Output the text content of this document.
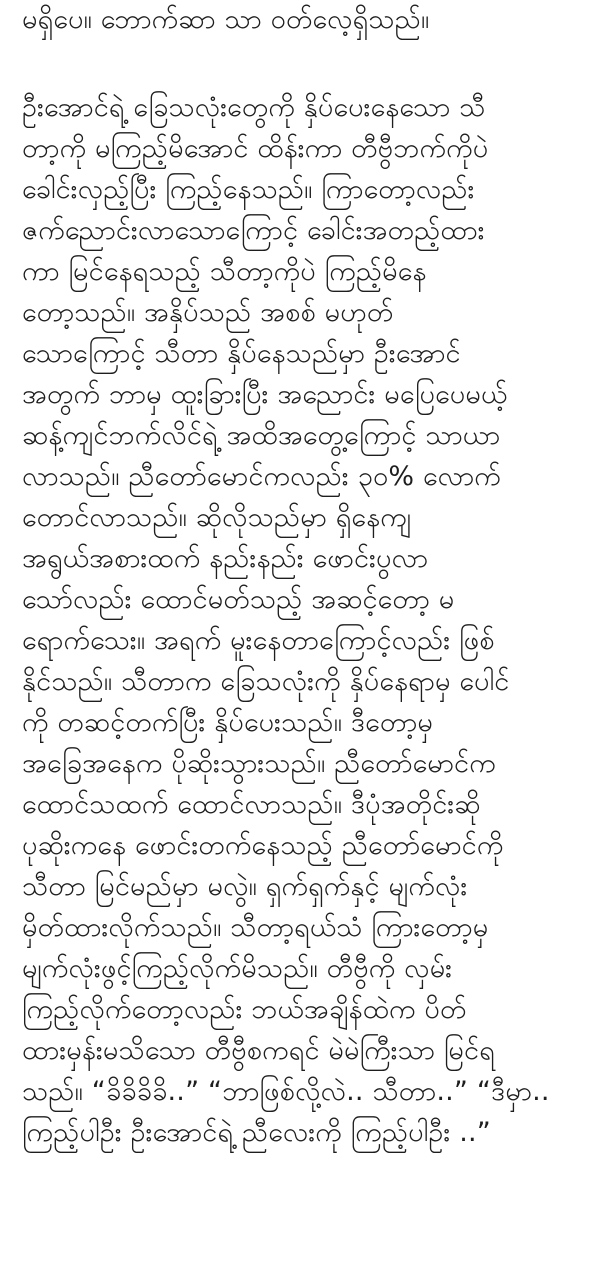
မရှိပေ။ ဘောက်ဆာ သာ ဝတ်လေ့ရှိသည်။
ဦးအောင်ရဲ့ ခြေသလုံးတွေကို နှိပ်ပေးနေသော သီ
တာ့ကို မကြည့်မိအောင် ထိန်းကာ တီဗွီဘက်ကိုပဲ
ခေါင်းလှည့်ပြီး ကြည့်နေသည်။ ကြာတော့လည်း
ဇက်ညောင်းလာသောကြောင့် ခေါင်းအတည့်ထား
ကာ မြင်နေရသည့် သီတာ့ကိုပဲ ကြည့်မိနေ
တော့သည်။ အနှိပ်သည် အစစ် မဟုတ်
သောကြောင့် သီတာ နှိပ်နေသည်မှာ ဦးအောင်
အတွက် ဘာမှ ထူးခြားပြီး အညောင်း မပြေပေမယ့်
ဆန့်ကျင်ဘက်လိင်ရဲ့ အထိအတွေ့ကြောင့် သာယာ
လာသည်။ ညီတော်မောင်ကလည်း ၃၀% လောက်
တောင်လာသည်။ ဆိုလိုသည်မှာ ရှိနေကျ
အရွယ်အစားထက် နည်းနည်း ဖောင်းပွလာ
သော်လည်း ထောင်မတ်သည့် အဆင့်တော့ မ
ရောက်သေး။ အရက် မူးနေတာကြောင့်လည်း ဖြစ်
နိုင်သည်။ သီတာက ခြေသလုံးကို နှိပ်နေရာမှ ပေါင်
ကို တဆင့်တက်ပြီး နှိပ်ပေးသည်။ ဒီတော့မှ
အခြေအနေက ပိုဆိုးသွားသည်။ ညီတော်မောင်က
ထောင်သထက် ထောင်လာသည်။ ဒီပုံအတိုင်းဆို
ပုဆိုးကနေ ဖောင်းတက်နေသည့် ညီတော်မောင်ကို
သီတာ မြင်မည်မှာ မလွဲ။ ရှက်ရှက်နှင့် မျက်လုံး
မှိတ်ထားလိုက်သည်။ သီတာ့ရယ်သံ ကြားတော့မှ
မျက်လုံးဖွင့်ကြည့်လိုက်မိသည်။ တီဗွီကို လှမ်း
ကြည့်လိုက်တော့လည်း ဘယ်အချိန်ထဲက ပိတ်
ထားမှန်းမသိသော တီဗွီစကရင် မဲမဲကြီးသာ မြင်ရ
သည်။ “ခိခိခိခိ..” “ဘာဖြစ်လို့လဲ.. သီတာ..” “ဒီမှာ..
ကြည့်ပါဦး ဦးအောင်ရဲ့ ညီလေးကို ကြည့်ပါဦး ..”
